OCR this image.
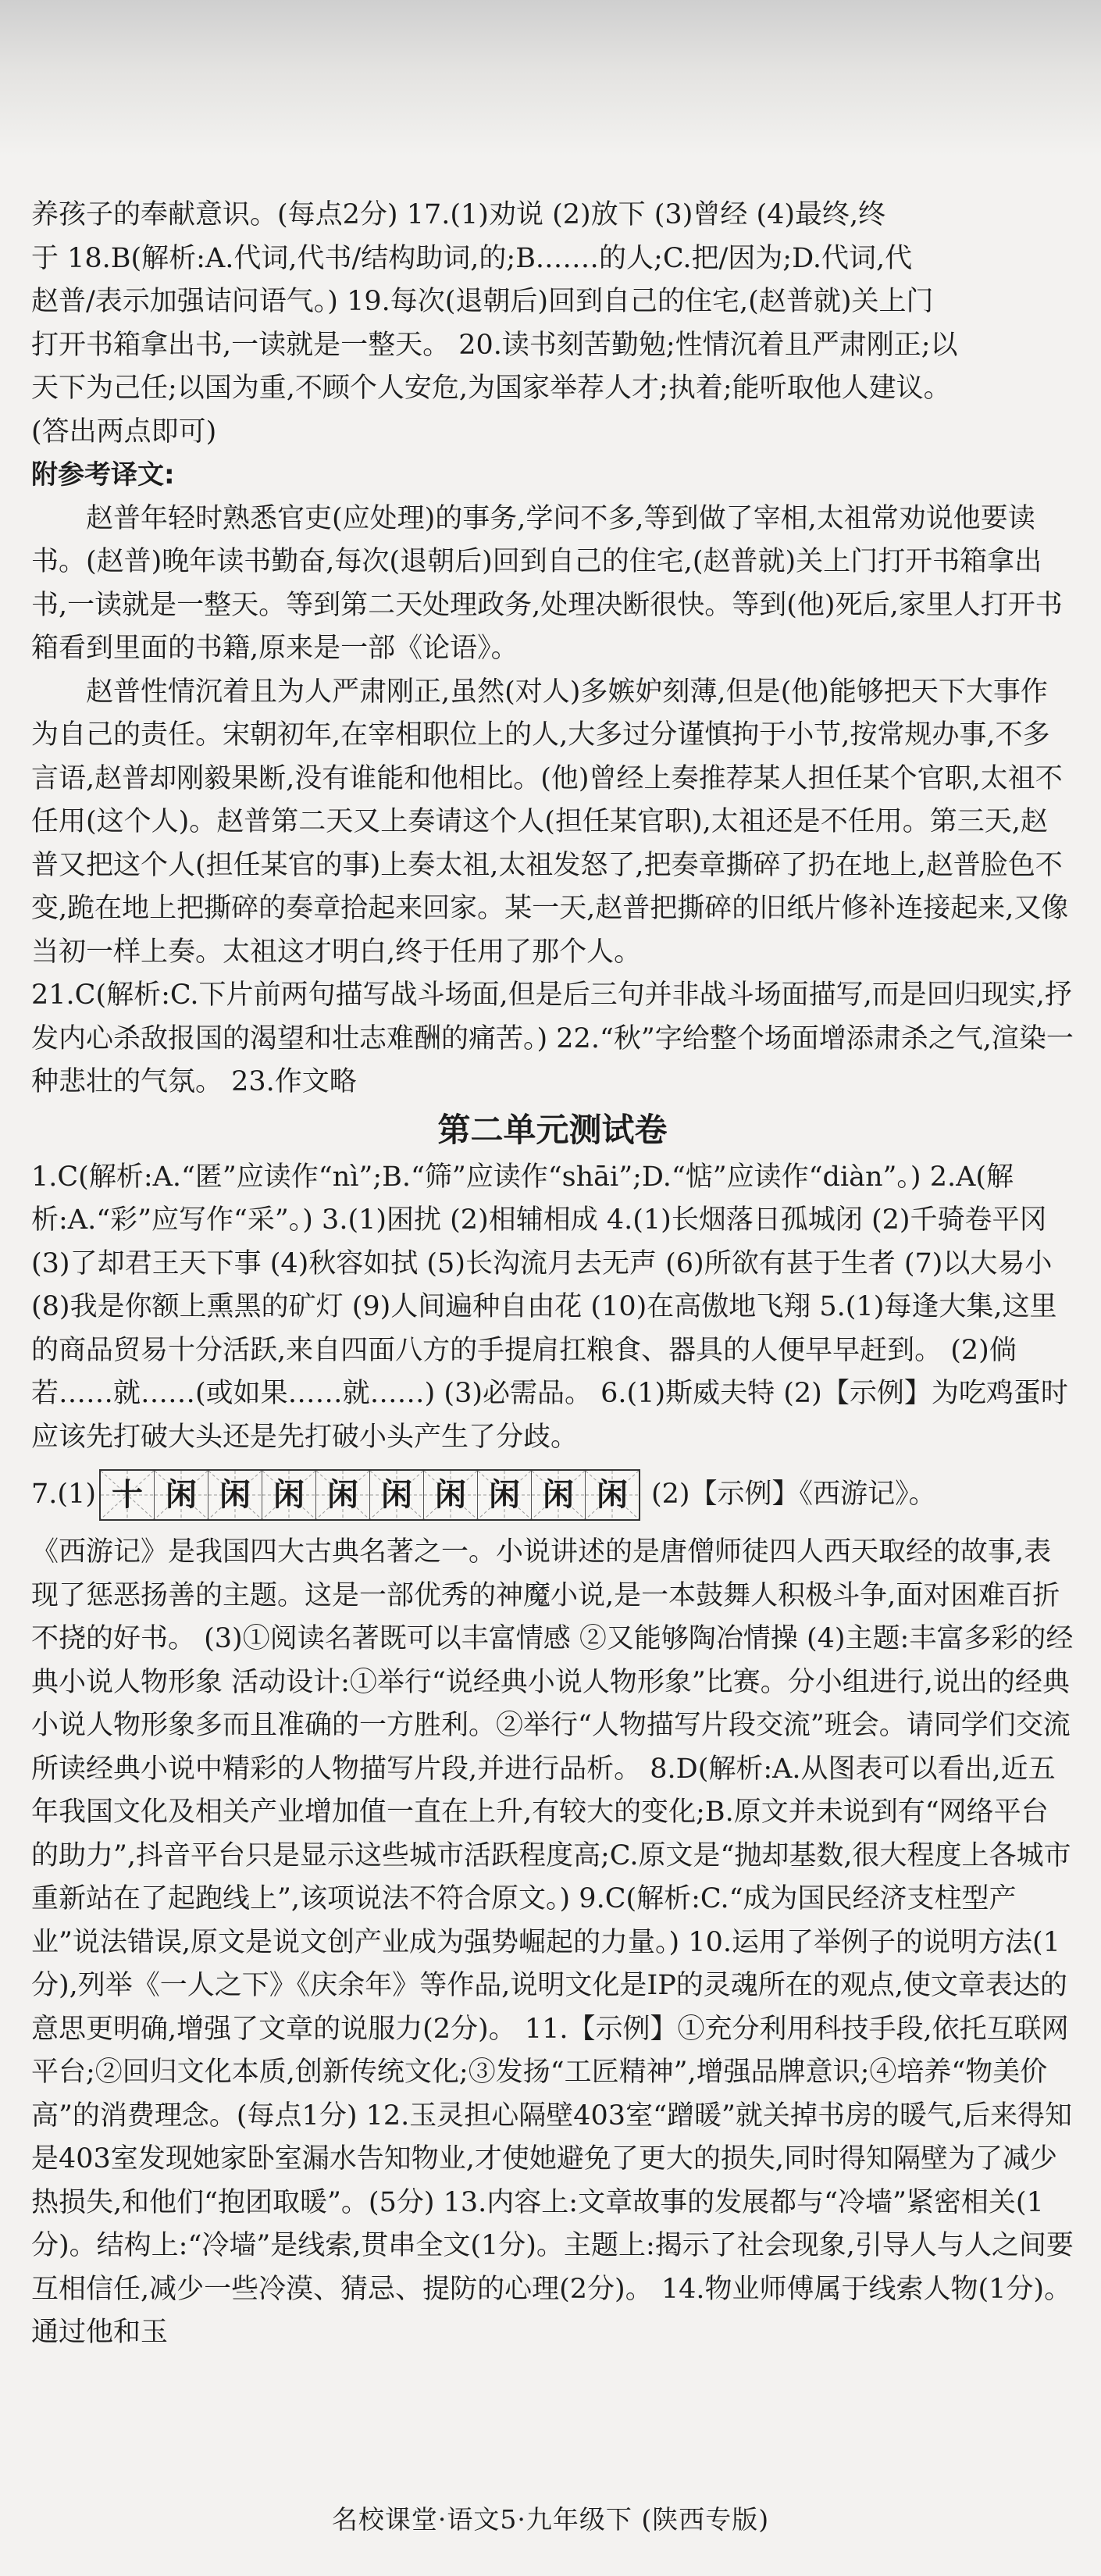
养孩子的奉献意识。(每点2分) 17.(1)劝说 (2)放下 (3)曾经 (4)最终,终

于 18.B(解析:A.代词,代书/结构助词,的;B.……的人;C.把/因为;D.代词,代

赵普/表示加强诘问语气。) 19.每次(退朝后)回到自己的住宅,(赵普就)关上门

打开书箱拿出书,一读就是一整天。 20.读书刻苦勤勉;性情沉着且严肃刚正;以

天下为己任;以国为重,不顾个人安危,为国家举荐人才;执着;能听取他人建议。

(答出两点即可)

附参考译文:

赵普年轻时熟悉官吏(应处理)的事务,学问不多,等到做了宰相,太祖常劝说他要读书。(赵普)晚年读书勤奋,每次(退朝后)回到自己的住宅,(赵普就)关上门打开书箱拿出书,一读就是一整天。等到第二天处理政务,处理决断很快。等到(他)死后,家里人打开书箱看到里面的书籍,原来是一部《论语》。

赵普性情沉着且为人严肃刚正,虽然(对人)多嫉妒刻薄,但是(他)能够把天下大事作为自己的责任。宋朝初年,在宰相职位上的人,大多过分谨慎拘于小节,按常规办事,不多言语,赵普却刚毅果断,没有谁能和他相比。(他)曾经上奏推荐某人担任某个官职,太祖不任用(这个人)。赵普第二天又上奏请这个人(担任某官职),太祖还是不任用。第三天,赵普又把这个人(担任某官的事)上奏太祖,太祖发怒了,把奏章撕碎了扔在地上,赵普脸色不变,跪在地上把撕碎的奏章拾起来回家。某一天,赵普把撕碎的旧纸片修补连接起来,又像当初一样上奏。太祖这才明白,终于任用了那个人。

21.C(解析:C.下片前两句描写战斗场面,但是后三句并非战斗场面描写,而是回归现实,抒发内心杀敌报国的渴望和壮志难酬的痛苦。) 22.“秋”字给整个场面增添肃杀之气,渲染一种悲壮的气氛。 23.作文略

第二单元测试卷

1.C(解析:A.“匿”应读作“nì”;B.“筛”应读作“shāi”;D.“惦”应读作“diàn”。) 2.A(解析:A.“彩”应写作“采”。) 3.(1)困扰 (2)相辅相成 4.(1)长烟落日孤城闭 (2)千骑卷平冈 (3)了却君王天下事 (4)秋容如拭 (5)长沟流月去无声 (6)所欲有甚于生者 (7)以大易小 (8)我是你额上熏黑的矿灯 (9)人间遍种自由花 (10)在高傲地飞翔 5.(1)每逢大集,这里的商品贸易十分活跃,来自四面八方的手提肩扛粮食、器具的人便早早赶到。 (2)倘若……就……(或如果……就……) (3)必需品。 6.(1)斯威夫特 (2)【示例】为吃鸡蛋时应该先打破大头还是先打破小头产生了分歧。

7.(1) 十 闲 闲 闲 闲 闲 闲 闲 闲 闲 (2)【示例】《西游记》。

《西游记》是我国四大古典名著之一。小说讲述的是唐僧师徒四人西天取经的故事,表现了惩恶扬善的主题。这是一部优秀的神魔小说,是一本鼓舞人积极斗争,面对困难百折不挠的好书。 (3)①阅读名著既可以丰富情感 ②又能够陶冶情操 (4)主题:丰富多彩的经典小说人物形象 活动设计:①举行“说经典小说人物形象”比赛。分小组进行,说出的经典小说人物形象多而且准确的一方胜利。②举行“人物描写片段交流”班会。请同学们交流所读经典小说中精彩的人物描写片段,并进行品析。 8.D(解析:A.从图表可以看出,近五年我国文化及相关产业增加值一直在上升,有较大的变化;B.原文并未说到有“网络平台的助力”,抖音平台只是显示这些城市活跃程度高;C.原文是“抛却基数,很大程度上各城市重新站在了起跑线上”,该项说法不符合原文。) 9.C(解析:C.“成为国民经济支柱型产业”说法错误,原文是说文创产业成为强势崛起的力量。) 10.运用了举例子的说明方法(1分),列举《一人之下》《庆余年》等作品,说明文化是IP的灵魂所在的观点,使文章表达的意思更明确,增强了文章的说服力(2分)。 11.【示例】①充分利用科技手段,依托互联网平台;②回归文化本质,创新传统文化;③发扬“工匠精神”,增强品牌意识;④培养“物美价高”的消费理念。(每点1分) 12.玉灵担心隔壁403室“蹭暖”就关掉书房的暖气,后来得知是403室发现她家卧室漏水告知物业,才使她避免了更大的损失,同时得知隔壁为了减少热损失,和他们“抱团取暖”。(5分) 13.内容上:文章故事的发展都与“冷墙”紧密相关(1分)。结构上:“冷墙”是线索,贯串全文(1分)。主题上:揭示了社会现象,引导人与人之间要互相信任,减少一些冷漠、猜忌、提防的心理(2分)。 14.物业师傅属于线索人物(1分)。通过他和玉

名校课堂·语文5·九年级下 (陕西专版)
